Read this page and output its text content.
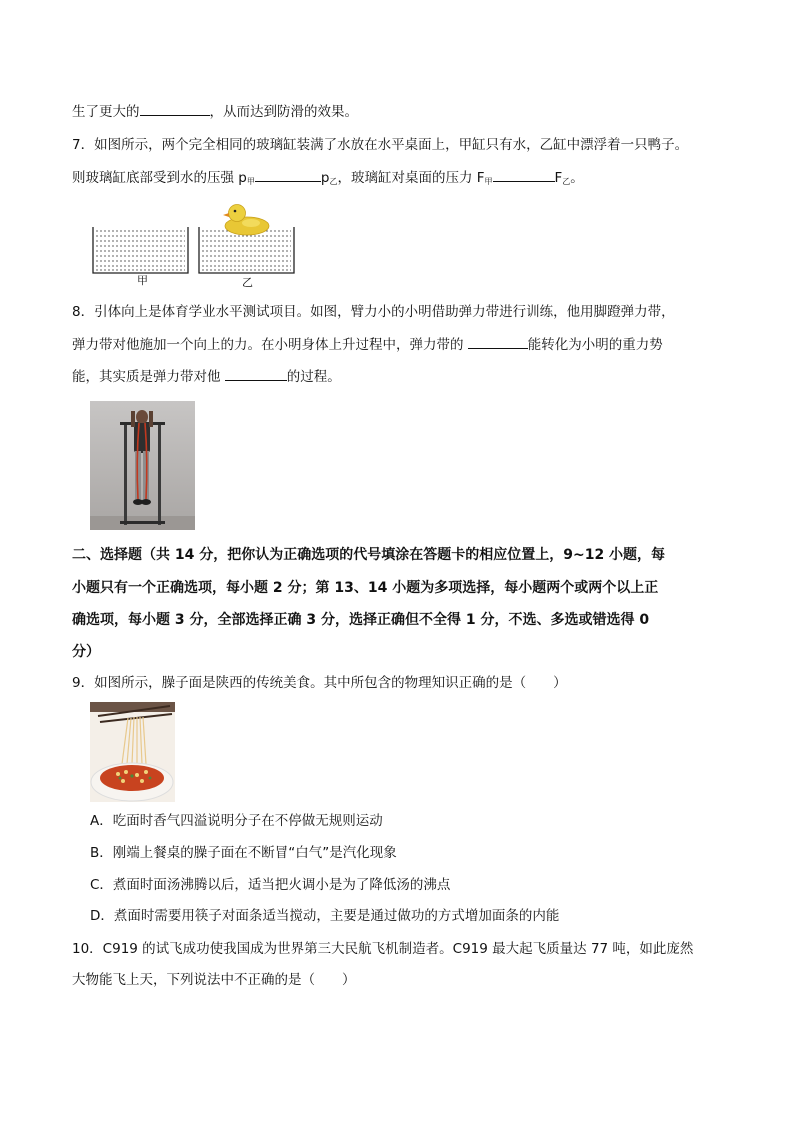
生了更大的	，从而达到防滑的效果。
7．如图所示，两个完全相同的玻璃缸装满了水放在水平桌面上，甲缸只有水，乙缸中漂浮着一只鸭子。
则玻璃缸底部受到水的压强 $p_甲$	$p_乙$，玻璃缸对桌面的压力 $F_甲$	$F_乙$。
甲	乙
8．引体向上是体育学业水平测试项目。如图，臂力小的小明借助弹力带进行训练，他用脚蹬弹力带，
弹力带对他施加一个向上的力。在小明身体上升过程中，弹力带的	能转化为小明的重力势
能，其实质是弹力带对他	的过程。
二、选择题（共 14 分，把你认为正确选项的代号填涂在答题卡的相应位置上，9~12 小题，每
小题只有一个正确选项，每小题 2 分；第 13、14 小题为多项选择，每小题两个或两个以上正
确选项，每小题 3 分，全部选择正确 3 分，选择正确但不全得 1 分，不选、多选或错选得 0
分）
9．如图所示，臊子面是陕西的传统美食。其中所包含的物理知识正确的是（　　）
A．吃面时香气四溢说明分子在不停做无规则运动
B．刚端上餐桌的臊子面在不断冒“白气”是汽化现象
C．煮面时面汤沸腾以后，适当把火调小是为了降低汤的沸点
D．煮面时需要用筷子对面条适当搅动，主要是通过做功的方式增加面条的内能
10．C919 的试飞成功使我国成为世界第三大民航飞机制造者。C919 最大起飞质量达 77 吨，如此庞然
大物能飞上天，下列说法中不正确的是（　　）
